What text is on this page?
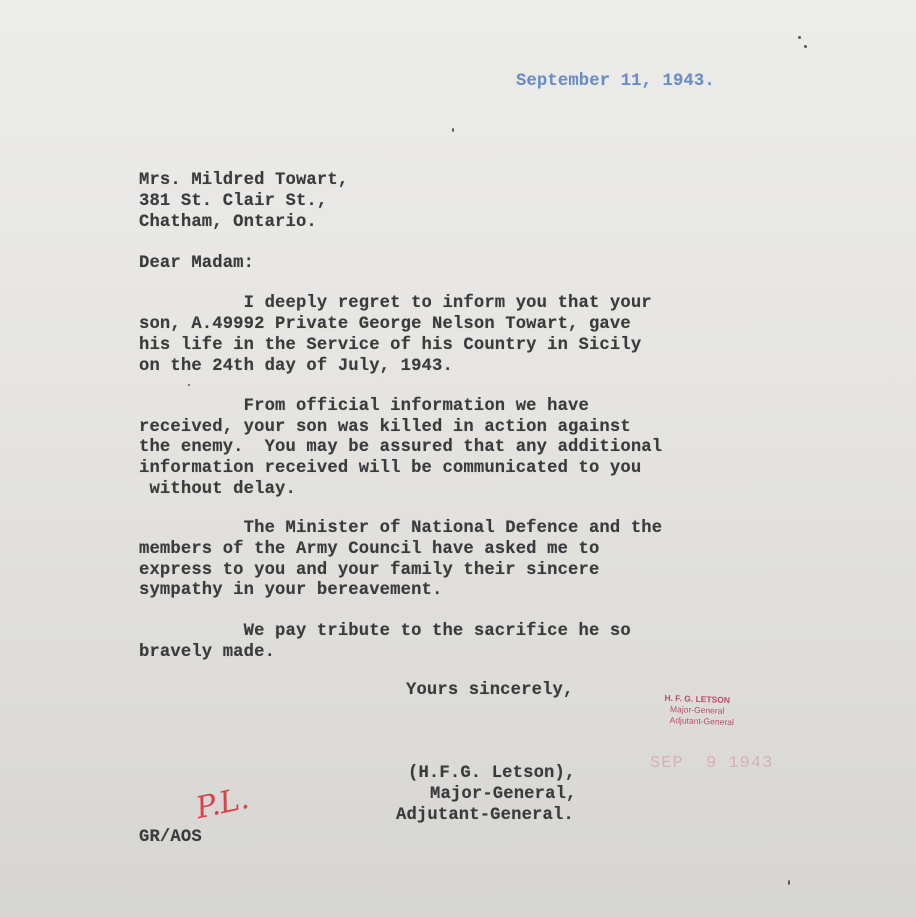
September 11, 1943.
Mrs. Mildred Towart,
381 St. Clair St.,
Chatham, Ontario.
Dear Madam:
I deeply regret to inform you that your
son, A.49992 Private George Nelson Towart, gave
his life in the Service of his Country in Sicily
on the 24th day of July, 1943.
From official information we have
received, your son was killed in action against
the enemy.  You may be assured that any additional
information received will be communicated to you
without delay.
The Minister of National Defence and the
members of the Army Council have asked me to
express to you and your family their sincere
sympathy in your bereavement.
We pay tribute to the sacrifice he so
bravely made.
Yours sincerely,	H. F. G. LETSON
Major-General
Adjutant-General
SEP  9 1943
(H.F.G. Letson),
Major-General,
Adjutant-General.
P.L.
GR/AOS
